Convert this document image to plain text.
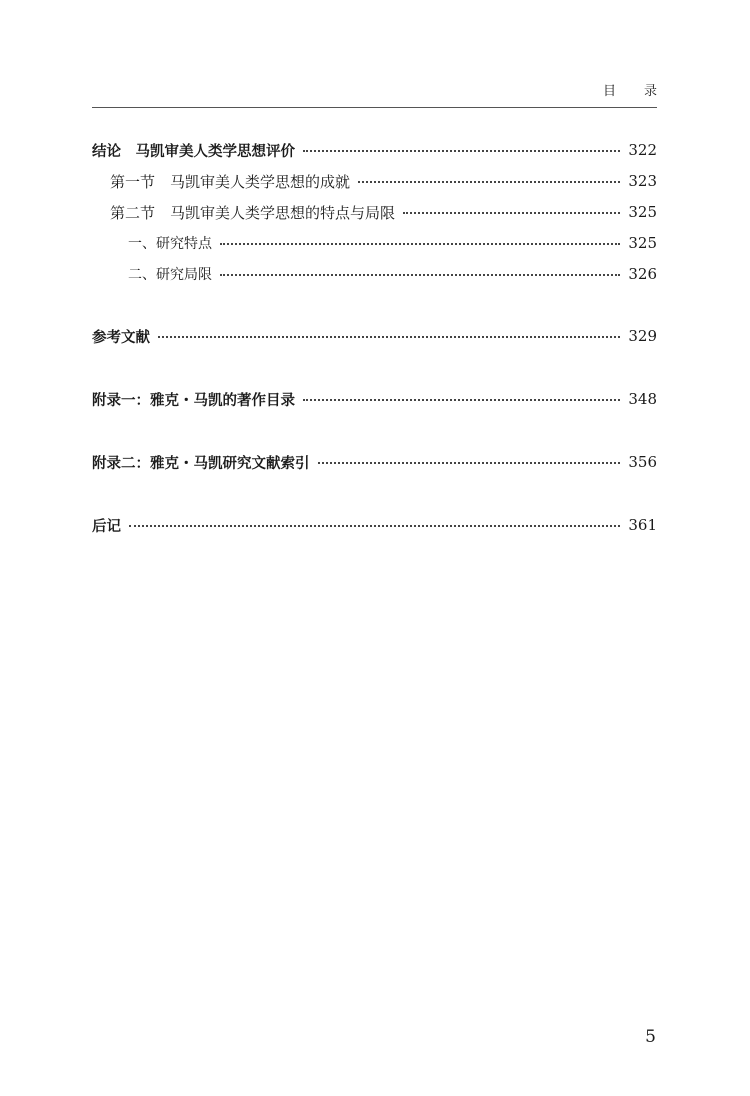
目录
结论　马凯审美人类学思想评价	322
第一节　马凯审美人类学思想的成就	323
第二节　马凯审美人类学思想的特点与局限	325
一、研究特点	325
二、研究局限	326
参考文献	329
附录一：雅克・马凯的著作目录	348
附录二：雅克・马凯研究文献索引	356
后记	361
5
